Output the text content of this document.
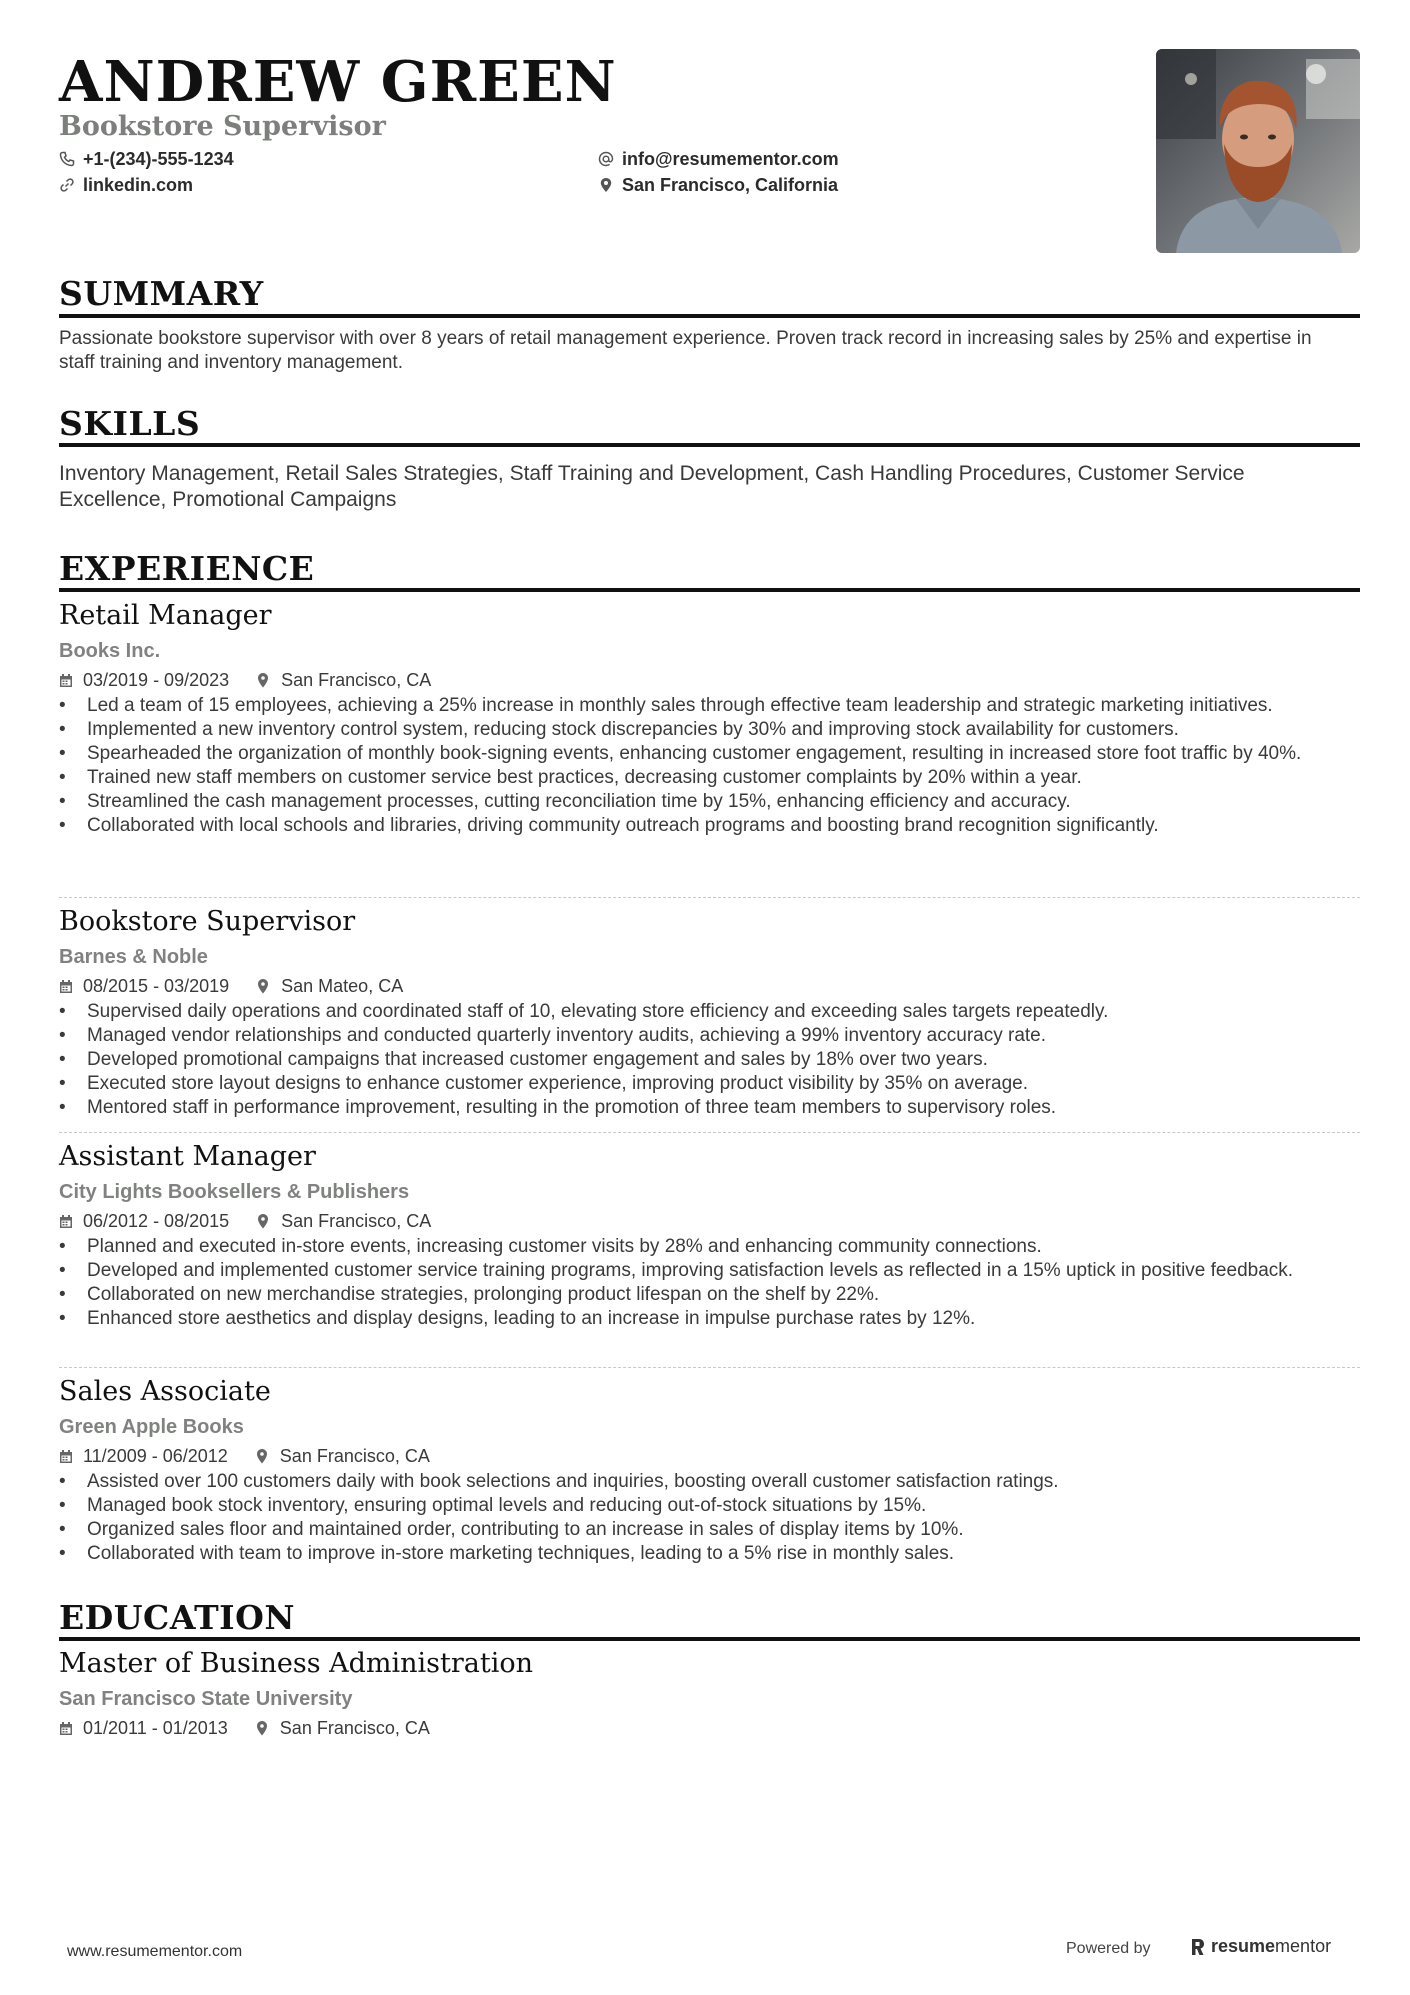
ANDREW GREEN
Bookstore Supervisor
+1-(234)-555-1234
linkedin.com
info@resumementor.com
San Francisco, California
SUMMARY
Passionate bookstore supervisor with over 8 years of retail management experience. Proven track record in increasing sales by 25% and expertise in staff training and inventory management.
SKILLS
Inventory Management, Retail Sales Strategies, Staff Training and Development, Cash Handling Procedures, Customer Service Excellence, Promotional Campaigns
EXPERIENCE
Retail Manager
Books Inc.
03/2019 - 09/2023	San Francisco, CA
• Led a team of 15 employees, achieving a 25% increase in monthly sales through effective team leadership and strategic marketing initiatives.
• Implemented a new inventory control system, reducing stock discrepancies by 30% and improving stock availability for customers.
• Spearheaded the organization of monthly book-signing events, enhancing customer engagement, resulting in increased store foot traffic by 40%.
• Trained new staff members on customer service best practices, decreasing customer complaints by 20% within a year.
• Streamlined the cash management processes, cutting reconciliation time by 15%, enhancing efficiency and accuracy.
• Collaborated with local schools and libraries, driving community outreach programs and boosting brand recognition significantly.
Bookstore Supervisor
Barnes & Noble
08/2015 - 03/2019	San Mateo, CA
• Supervised daily operations and coordinated staff of 10, elevating store efficiency and exceeding sales targets repeatedly.
• Managed vendor relationships and conducted quarterly inventory audits, achieving a 99% inventory accuracy rate.
• Developed promotional campaigns that increased customer engagement and sales by 18% over two years.
• Executed store layout designs to enhance customer experience, improving product visibility by 35% on average.
• Mentored staff in performance improvement, resulting in the promotion of three team members to supervisory roles.
Assistant Manager
City Lights Booksellers & Publishers
06/2012 - 08/2015	San Francisco, CA
• Planned and executed in-store events, increasing customer visits by 28% and enhancing community connections.
• Developed and implemented customer service training programs, improving satisfaction levels as reflected in a 15% uptick in positive feedback.
• Collaborated on new merchandise strategies, prolonging product lifespan on the shelf by 22%.
• Enhanced store aesthetics and display designs, leading to an increase in impulse purchase rates by 12%.
Sales Associate
Green Apple Books
11/2009 - 06/2012	San Francisco, CA
• Assisted over 100 customers daily with book selections and inquiries, boosting overall customer satisfaction ratings.
• Managed book stock inventory, ensuring optimal levels and reducing out-of-stock situations by 15%.
• Organized sales floor and maintained order, contributing to an increase in sales of display items by 10%.
• Collaborated with team to improve in-store marketing techniques, leading to a 5% rise in monthly sales.
EDUCATION
Master of Business Administration
San Francisco State University
01/2011 - 01/2013	San Francisco, CA
www.resumementor.com	Powered by	resume mentor
